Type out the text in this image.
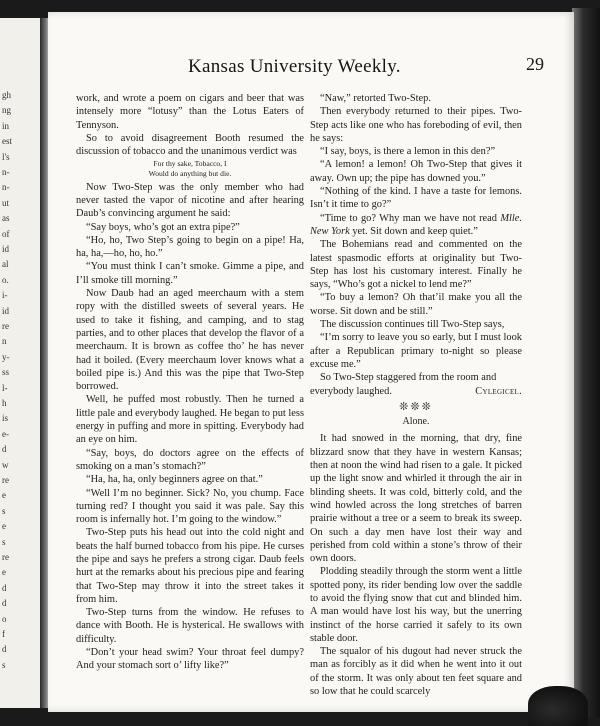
gh
ng
in
est
l's
n-
n-
ut
as
of
id
al
o.
i-
id
re
n
y-
ss
l-
h
is
e-
d
w
re
e
s
e
s
re
e
d
d
o
f
d
s
Kansas University Weekly.	29

work, and wrote a poem on cigars and beer that was intensely more “lotusy” than the Lotus Eaters of Tennyson.

So to avoid disagreement Booth resumed the discussion of tobacco and the unanimous verdict was

For thy sake, Tobacco, I
Would do anything but die.

Now Two-Step was the only member who had never tasted the vapor of nicotine and after hearing Daub’s convincing argument he said:

“Say boys, who’s got an extra pipe?”

“Ho, ho, Two Step’s going to begin on a pipe! Ha, ha, ha,—ho, ho, ho.”

“You must think I can’t smoke. Gimme a pipe, and I’ll smoke till morning.”

Now Daub had an aged meerchaum with a stem ropy with the distilled sweets of several years. He used to take it fishing, and camping, and to stag parties, and to other places that develop the flavor of a meerchaum. It is brown as coffee tho’ he has never had it boiled. (Every meerchaum lover knows what a boiled pipe is.) And this was the pipe that Two-Step borrowed.

Well, he puffed most robustly. Then he turned a little pale and everybody laughed. He began to put less energy in puffing and more in spitting. Everybody had an eye on him.

“Say, boys, do doctors agree on the effects of smoking on a man’s stomach?”

“Ha, ha, ha, only beginners agree on that.”

“Well I’m no beginner. Sick? No, you chump. Face turning red? I thought you said it was pale. Say this room is infernally hot. I’m going to the window.”

Two-Step puts his head out into the cold night and beats the half burned tobacco from his pipe. He curses the pipe and says he prefers a strong cigar. Daub feels hurt at the remarks about his precious pipe and fearing that Two-Step may throw it into the street takes it from him.

Two-Step turns from the window. He refuses to dance with Booth. He is hysterical. He swallows with difficulty.

“Don’t your head swim? Your throat feel dumpy? And your stomach sort o’ lifty like?”

“Naw,” retorted Two-Step.

Then everybody returned to their pipes. Two-Step acts like one who has foreboding of evil, then he says:

“I say, boys, is there a lemon in this den?”

“A lemon! a lemon! Oh Two-Step that gives it away. Own up; the pipe has downed you.”

“Nothing of the kind. I have a taste for lemons. Isn’t it time to go?”

“Time to go? Why man we have not read Mlle. New York yet. Sit down and keep quiet.”

The Bohemians read and commented on the latest spasmodic efforts at originality but Two-Step has lost his customary interest. Finally he says, “Who’s got a nickel to lend me?”

“To buy a lemon? Oh that’il make you all the worse. Sit down and be still.”

The discussion continues till Two-Step says,

“I’m sorry to leave you so early, but I must look after a Republican primary to-night so please excuse me.”

So Two-Step staggered from the room and

everybody laughed.	Cylegicel.
❊❊❊
Alone.

It had snowed in the morning, that dry, fine blizzard snow that they have in western Kansas; then at noon the wind had risen to a gale. It picked up the light snow and whirled it through the air in blinding sheets. It was cold, bitterly cold, and the wind howled across the long stretches of barren prairie without a tree or a seem to break its sweep. On such a day men have lost their way and perished from cold within a stone’s throw of their own doors.

Plodding steadily through the storm went a little spotted pony, its rider bending low over the saddle to avoid the flying snow that cut and blinded him. A man would have lost his way, but the unerring instinct of the horse carried it safely to its own stable door.

The squalor of his dugout had never struck the man as forcibly as it did when he went into it out of the storm. It was only about ten feet square and so low that he could scarcely
